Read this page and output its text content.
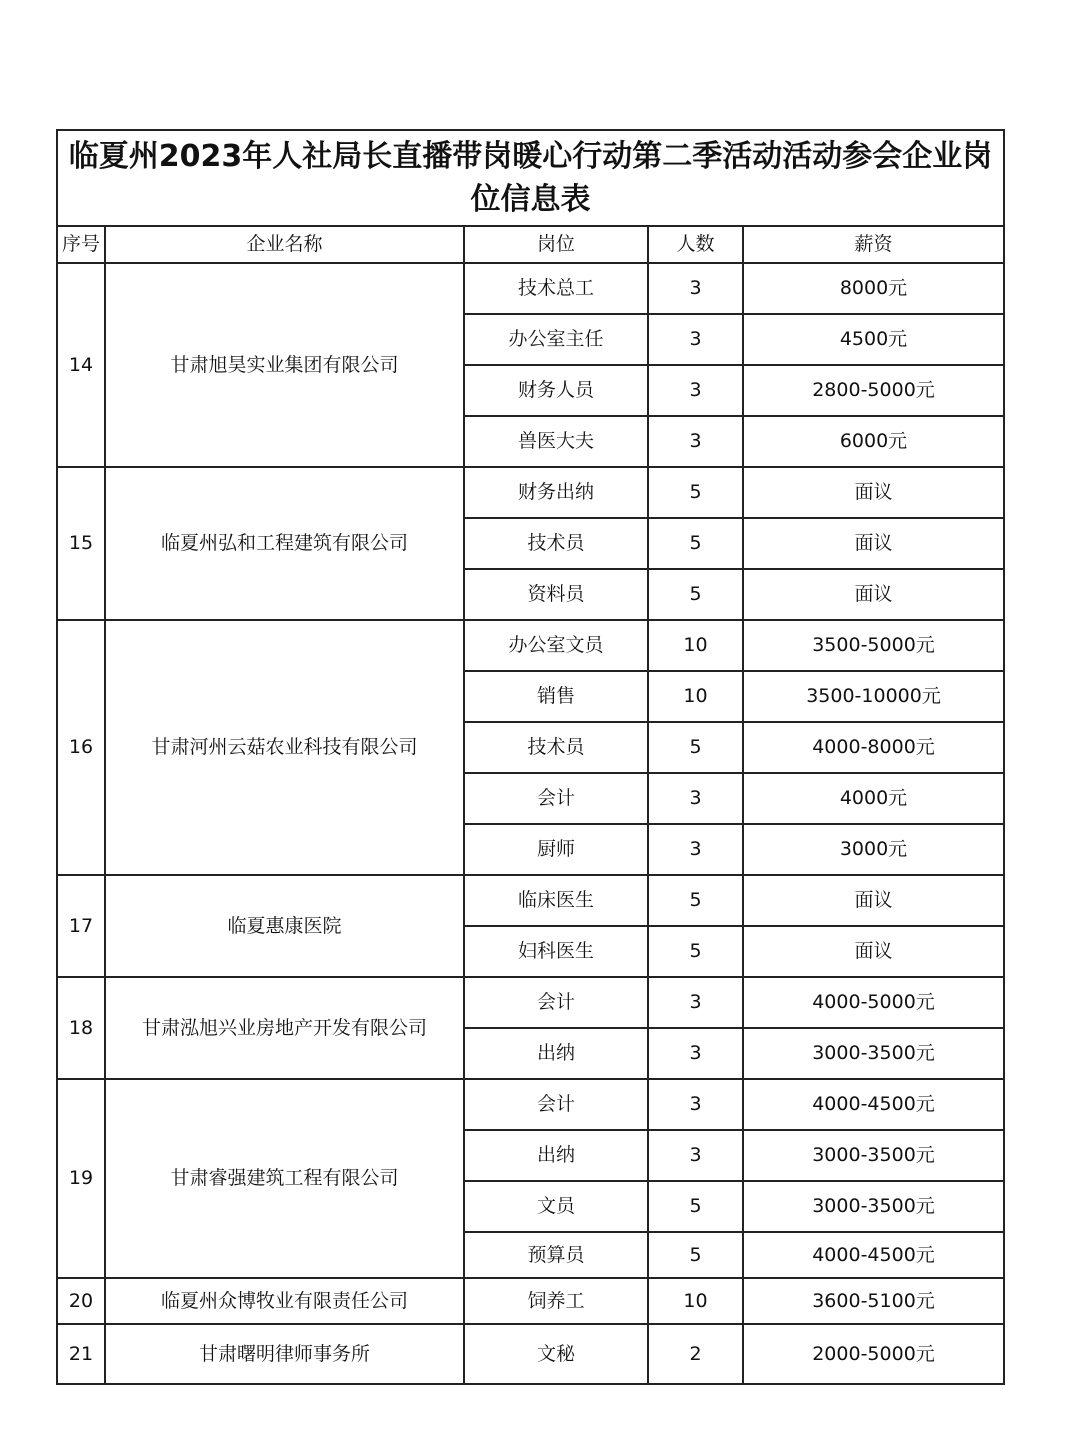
临夏州2023年人社局长直播带岗暖心行动第二季活动活动参会企业岗位信息表				
序号	企业名称	岗位	人数	薪资
14	甘肃旭昊实业集团有限公司	技术总工	3	8000元
		办公室主任	3	4500元
		财务人员	3	2800-5000元
		兽医大夫	3	6000元
15	临夏州弘和工程建筑有限公司	财务出纳	5	面议
		技术员	5	面议
		资料员	5	面议
16	甘肃河州云菇农业科技有限公司	办公室文员	10	3500-5000元
		销售	10	3500-10000元
		技术员	5	4000-8000元
		会计	3	4000元
		厨师	3	3000元
17	临夏惠康医院	临床医生	5	面议
		妇科医生	5	面议
18	甘肃泓旭兴业房地产开发有限公司	会计	3	4000-5000元
		出纳	3	3000-3500元
19	甘肃睿强建筑工程有限公司	会计	3	4000-4500元
		出纳	3	3000-3500元
		文员	5	3000-3500元
		预算员	5	4000-4500元
20	临夏州众博牧业有限责任公司	饲养工	10	3600-5100元
21	甘肃曙明律师事务所	文秘	2	2000-5000元
